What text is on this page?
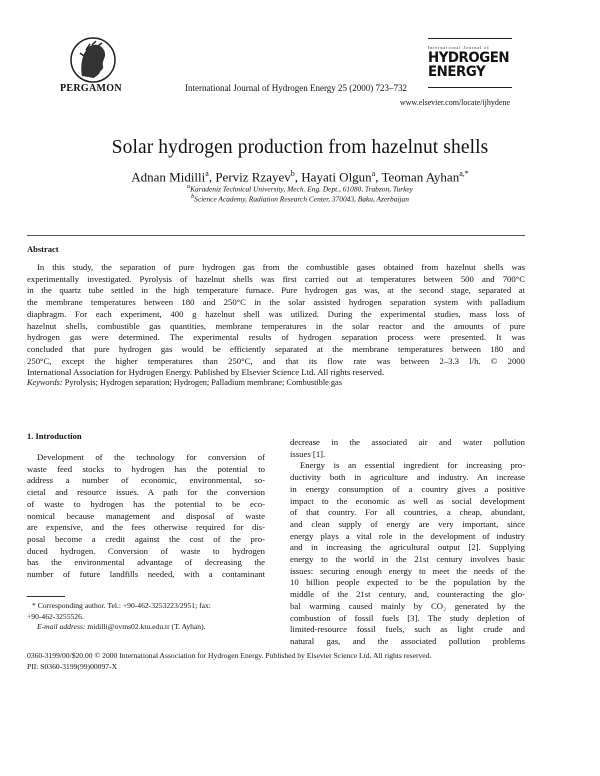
PERGAMON	International Journal of Hydrogen Energy 25 (2000) 723–732
International Journal of
HYDROGEN
ENERGY
www.elsevier.com/locate/ijhydene
Solar hydrogen production from hazelnut shells
Adnan Midilli$^a$, Perviz Rzayev$^b$, Hayati Olgun$^a$, Teoman Ayhan$^{a,*}$
$^a$Karadeniz Technical University, Mech. Eng. Dept., 61080, Trabzon, Turkey
$^b$Science Academy, Radiation Research Center, 370043, Baku, Azerbaijan
Abstract
In this study, the separation of pure hydrogen gas from the combustible gases obtained from hazelnut shells was
experimentally investigated. Pyrolysis of hazelnut shells was first carried out at temperatures between 500 and 700°C
in the quartz tube settled in the high temperature furnace. Pure hydrogen gas was, at the second stage, separated at
the membrane temperatures between 180 and 250°C in the solar assisted hydrogen separation system with palladium
diaphragm. For each experiment, 400 g hazelnut shell was utilized. During the experimental studies, mass loss of
hazelnut shells, combustible gas quantities, membrane temperatures in the solar reactor and the amounts of pure
hydrogen gas were determined. The experimental results of hydrogen separation process were presented. It was
concluded that pure hydrogen gas would be efficiently separated at the membrane temperatures between 180 and
250°C, except the higher temperatures than 250°C, and that its flow rate was between 2–3.3 l/h. © 2000
International Association for Hydrogen Energy. Published by Elsevier Science Ltd. All rights reserved.
Keywords: Pyrolysis; Hydrogen separation; Hydrogen; Palladium membrane; Combustible gas
1. Introduction
Development of the technology for conversion of
waste feed stocks to hydrogen has the potential to
address a number of economic, environmental, so-
cietal and resource issues. A path for the conversion
of waste to hydrogen has the potential to be eco-
nomical because management and disposal of waste
are expensive, and the fees otherwise required for dis-
posal become a credit against the cost of the pro-
duced hydrogen. Conversion of waste to hydrogen
has the environmental advantage of decreasing the
number of future landfills needed, with a contaminant
decrease in the associated air and water pollution
issues [1].
Energy is an essential ingredient for increasing pro-
ductivity both in agriculture and industry. An increase
in energy consumption of a country gives a positive
impact to the economic as well as social development
of that country. For all countries, a cheap, abundant,
and clean supply of energy are very important, since
energy plays a vital role in the development of industry
and in increasing the agricultural output [2]. Supplying
energy to the world in the 21st century involves basic
issues: securing enough energy to meet the needs of the
10 billion people expected to be the population by the
middle of the 21st century, and, counteracting the glo-
bal warming caused mainly by CO₂ generated by the
combustion of fossil fuels [3]. The study depletion of
limited-resource fossil fuels, such as light crude and
natural gas, and the associated pollution problems
* Corresponding author. Tel.: +90-462-3253223/2951; fax:
+90-462-3255526.
E-mail address: midilli@ovms02.ktu.edu.tr (T. Ayhan).
0360-3199/00/$20.00 © 2000 International Association for Hydrogen Energy. Published by Elsevier Science Ltd. All rights reserved.
PII: S0360-3199(99)00097-X
